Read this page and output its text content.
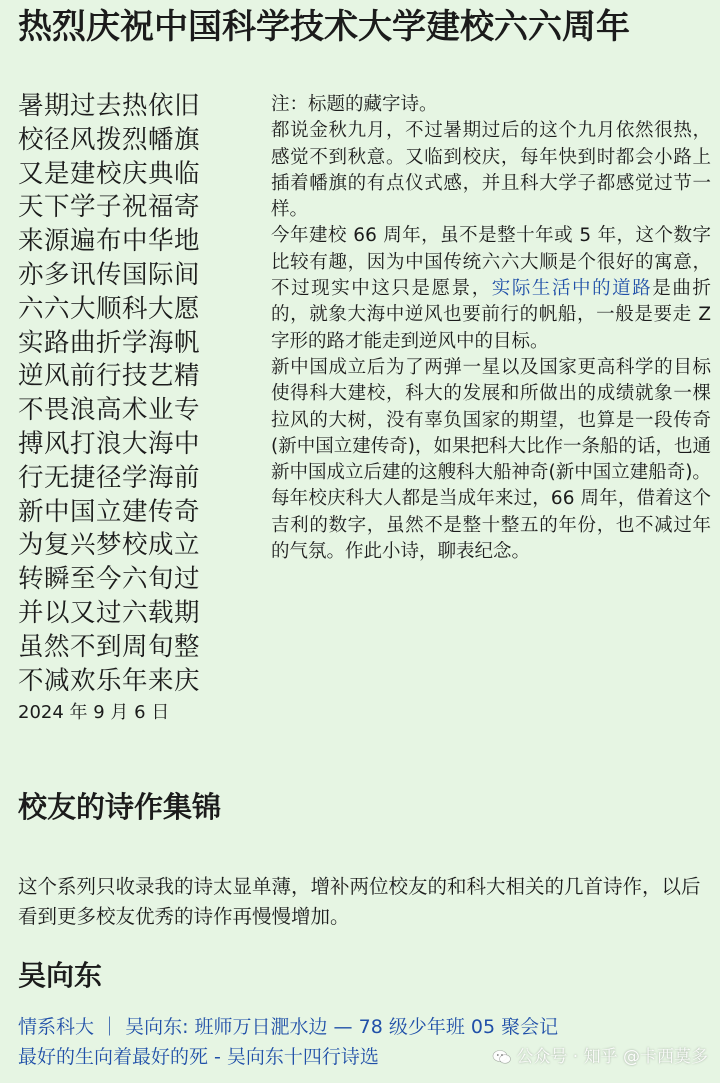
热烈庆祝中国科学技术大学建校六六周年
暑期过去热依旧
校径风拨烈幡旗
又是建校庆典临
天下学子祝福寄
来源遍布中华地
亦多讯传国际间
六六大顺科大愿
实路曲折学海帆
逆风前行技艺精
不畏浪高术业专
搏风打浪大海中
行无捷径学海前
新中国立建传奇
为复兴梦校成立
转瞬至今六旬过
并以又过六载期
虽然不到周旬整
不减欢乐年来庆
2024 年 9 月 6 日

注：标题的藏字诗。

都说金秋九月，不过暑期过后的这个九月依然很热，感觉不到秋意。又临到校庆，每年快到时都会小路上插着幡旗的有点仪式感，并且科大学子都感觉过节一样。

今年建校 66 周年，虽不是整十年或 5 年，这个数字比较有趣，因为中国传统六六大顺是个很好的寓意，不过现实中这只是愿景，实际生活中的道路是曲折的，就象大海中逆风也要前行的帆船，一般是要走 Z 字形的路才能走到逆风中的目标。

新中国成立后为了两弹一星以及国家更高科学的目标使得科大建校，科大的发展和所做出的成绩就象一棵拉风的大树，没有辜负国家的期望，也算是一段传奇(新中国立建传奇)，如果把科大比作一条船的话，也通新中国成立后建的这艘科大船神奇(新中国立建船奇)。

每年校庆科大人都是当成年来过，66 周年，借着这个吉利的数字，虽然不是整十整五的年份，也不减过年的气氛。作此小诗，聊表纪念。

校友的诗作集锦

这个系列只收录我的诗太显单薄，增补两位校友的和科大相关的几首诗作，以后看到更多校友优秀的诗作再慢慢增加。

吴向东
情系科大 ｜ 吴向东: 班师万日淝水边 — 78 级少年班 05 聚会记
最好的生向着最好的死 - 吴向东十四行诗选	公众号 · 知乎 @卡西莫多
